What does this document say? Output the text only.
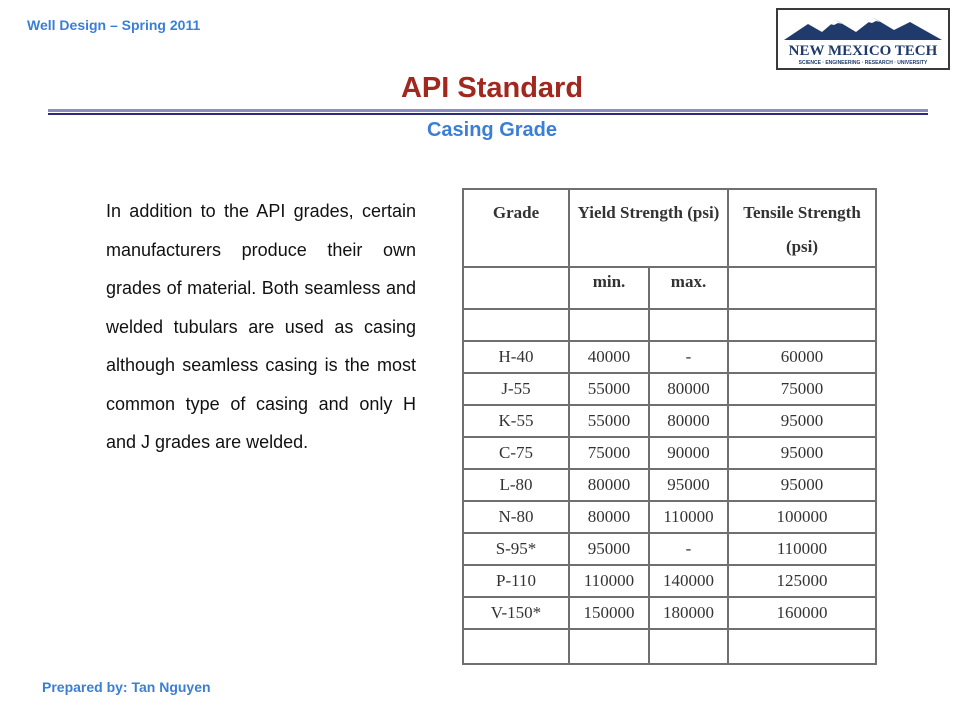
Well Design – Spring 2011
NEW MEXICO TECH
SCIENCE · ENGINEERING · RESEARCH · UNIVERSITY
API Standard
Casing Grade
In addition to the API grades, certain manufacturers produce their own grades of material. Both seamless and welded tubulars are used as casing although seamless casing is the most common type of casing and only H and J grades are welded.
Grade	Yield Strength (psi)		Tensile Strength (psi)
	min.	max.	

H-40	40000	-	60000
J-55	55000	80000	75000
K-55	55000	80000	95000
C-75	75000	90000	95000
L-80	80000	95000	95000
N-80	80000	110000	100000
S-95*	95000	-	110000
P-110	110000	140000	125000
V-150*	150000	180000	160000

Prepared by: Tan Nguyen
